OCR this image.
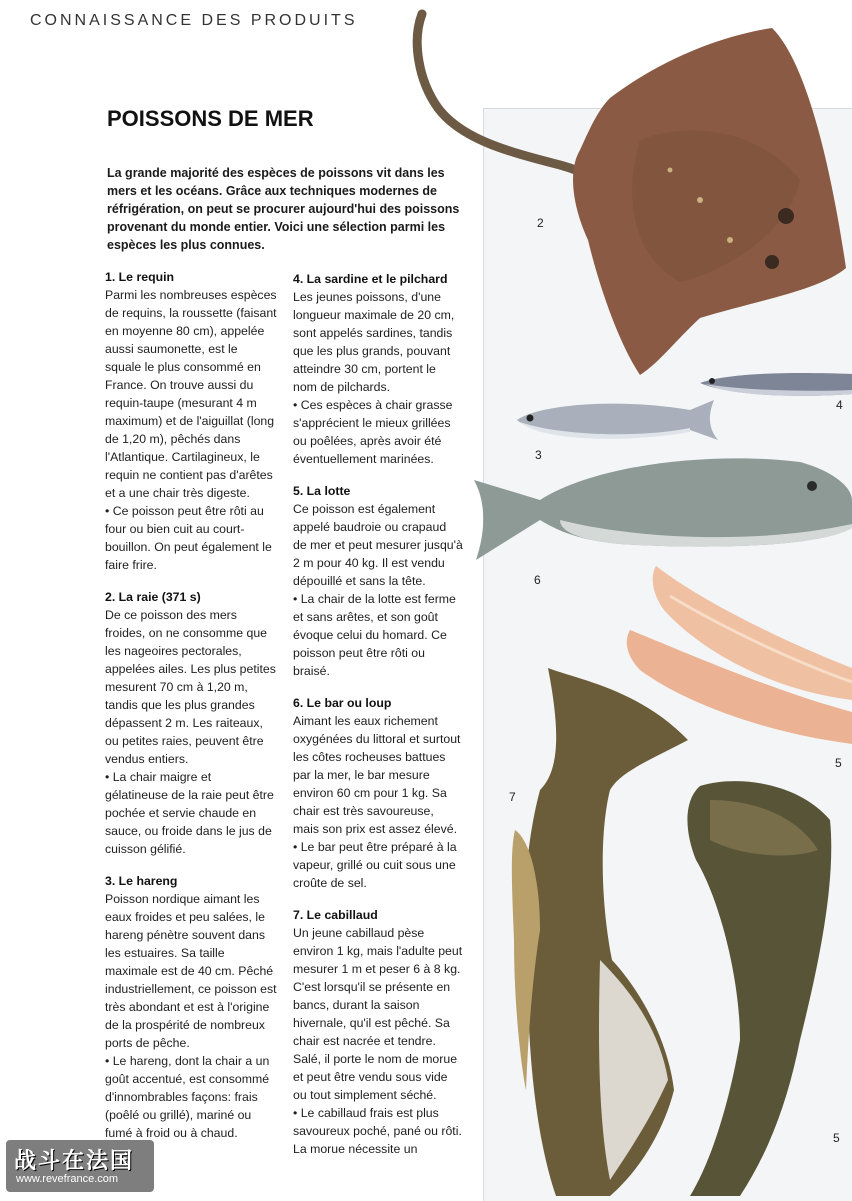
CONNAISSANCE DES PRODUITS
2
4
3
6
5
7
5
POISSONS DE MER

La grande majorité des espèces de poissons vit dans les mers et les océans. Grâce aux techniques modernes de réfrigération, on peut se procurer aujourd'hui des poissons provenant du monde entier. Voici une sélection parmi les espèces les plus connues.

1. Le requin

Parmi les nombreuses espèces de requins, la roussette (faisant en moyenne 80 cm), appelée aussi saumonette, est le squale le plus consommé en France. On trouve aussi du requin-taupe (mesurant 4 m maximum) et de l'aiguillat (long de 1,20 m), pêchés dans l'Atlantique. Cartilagineux, le requin ne contient pas d'arêtes et a une chair très digeste.

• Ce poisson peut être rôti au four ou bien cuit au court-bouillon. On peut également le faire frire.

2. La raie (371 s)

De ce poisson des mers froides, on ne consomme que les nageoires pectorales, appelées ailes. Les plus petites mesurent 70 cm à 1,20 m, tandis que les plus grandes dépassent 2 m. Les raiteaux, ou petites raies, peuvent être vendus entiers.

• La chair maigre et gélatineuse de la raie peut être pochée et servie chaude en sauce, ou froide dans le jus de cuisson gélifié.

3. Le hareng

Poisson nordique aimant les eaux froides et peu salées, le hareng pénètre souvent dans les estuaires. Sa taille maximale est de 40 cm. Pêché industriellement, ce poisson est très abondant et est à l'origine de la prospérité de nombreux ports de pêche.

• Le hareng, dont la chair a un goût accentué, est consommé d'innombrables façons: frais (poêlé ou grillé), mariné ou fumé à froid ou à chaud.

4. La sardine et le pilchard

Les jeunes poissons, d'une longueur maximale de 20 cm, sont appelés sardines, tandis que les plus grands, pouvant atteindre 30 cm, portent le nom de pilchards.

• Ces espèces à chair grasse s'apprécient le mieux grillées ou poêlées, après avoir été éventuellement marinées.

5. La lotte

Ce poisson est également appelé baudroie ou crapaud de mer et peut mesurer jusqu'à 2 m pour 40 kg. Il est vendu dépouillé et sans la tête.

• La chair de la lotte est ferme et sans arêtes, et son goût évoque celui du homard. Ce poisson peut être rôti ou braisé.

6. Le bar ou loup

Aimant les eaux richement oxygénées du littoral et surtout les côtes rocheuses battues par la mer, le bar mesure environ 60 cm pour 1 kg. Sa chair est très savoureuse, mais son prix est assez élevé.

• Le bar peut être préparé à la vapeur, grillé ou cuit sous une croûte de sel.

7. Le cabillaud

Un jeune cabillaud pèse environ 1 kg, mais l'adulte peut mesurer 1 m et peser 6 à 8 kg. C'est lorsqu'il se présente en bancs, durant la saison hivernale, qu'il est pêché. Sa chair est nacrée et tendre. Salé, il porte le nom de morue et peut être vendu sous vide ou tout simplement séché.

• Le cabillaud frais est plus savoureux poché, pané ou rôti. La morue nécessite un

战斗在法国
www.revefrance.com
